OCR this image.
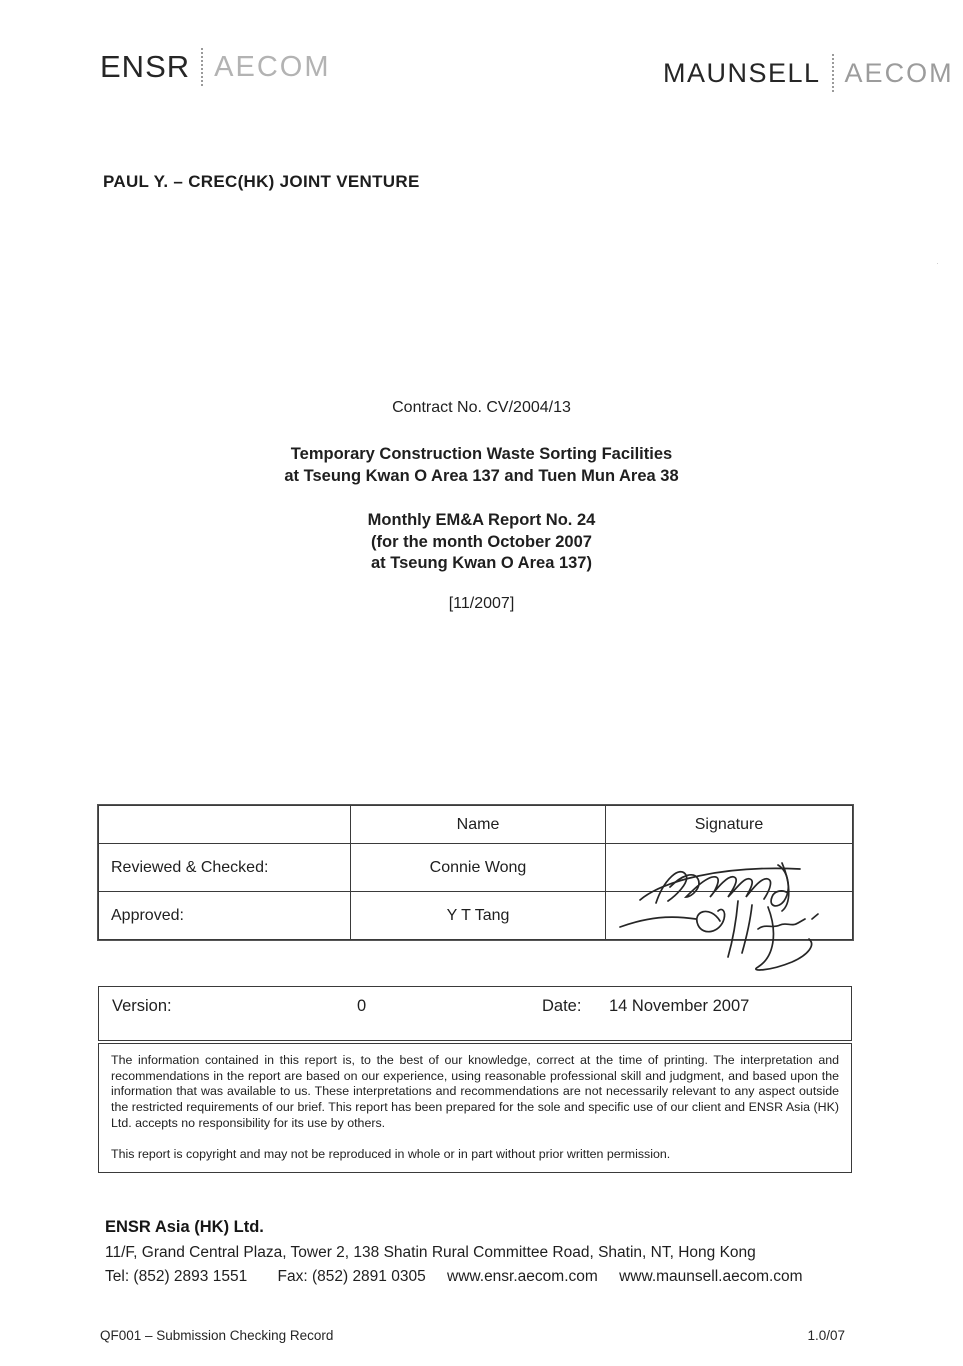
ENSR AECOM	MAUNSELL AECOM
·
PAUL Y. – CREC(HK) JOINT VENTURE
Contract No. CV/2004/13
Temporary Construction Waste Sorting Facilities
at Tseung Kwan O Area 137 and Tuen Mun Area 38
Monthly EM&A Report No. 24
(for the month October 2007
at Tseung Kwan O Area 137)
[11/2007]
	Name	Signature
Reviewed & Checked:	Connie Wong	
Approved:	Y T Tang	
Version:	0	Date: 14 November 2007
The information contained in this report is, to the best of our knowledge, correct at the time of printing. The interpretation and recommendations in the report are based on our experience, using reasonable professional skill and judgment, and based upon the information that was available to us. These interpretations and recommendations are not necessarily relevant to any aspect outside the restricted requirements of our brief. This report has been prepared for the sole and specific use of our client and ENSR Asia (HK) Ltd. accepts no responsibility for its use by others.
This report is copyright and may not be reproduced in whole or in part without prior written permission.
ENSR Asia (HK) Ltd.
11/F, Grand Central Plaza, Tower 2, 138 Shatin Rural Committee Road, Shatin, NT, Hong Kong
Tel: (852) 2893 1551 Fax: (852) 2891 0305 www.ensr.aecom.com www.maunsell.aecom.com
QF001 – Submission Checking Record	1.0/07
